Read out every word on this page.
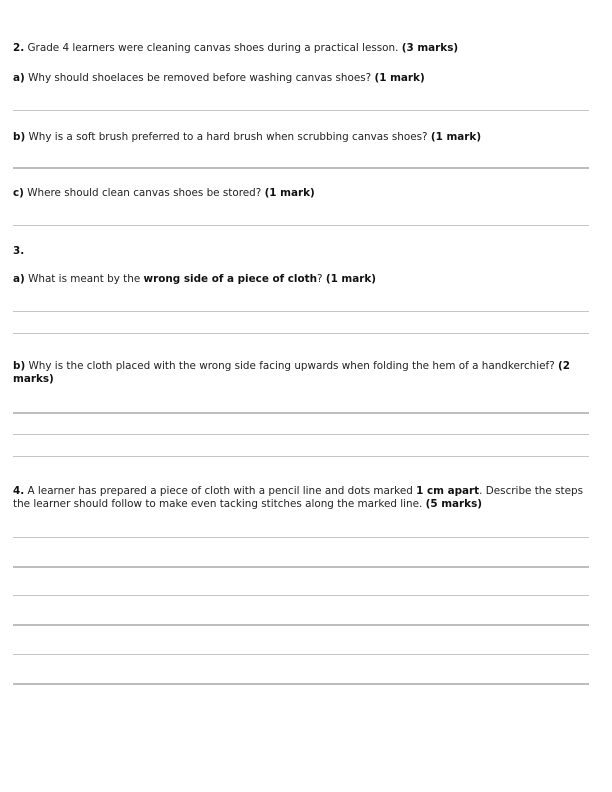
2. Grade 4 learners were cleaning canvas shoes during a practical lesson. (3 marks)

a) Why should shoelaces be removed before washing canvas shoes? (1 mark)

b) Why is a soft brush preferred to a hard brush when scrubbing canvas shoes? (1 mark)

c) Where should clean canvas shoes be stored? (1 mark)

3.

a) What is meant by the wrong side of a piece of cloth? (1 mark)

b) Why is the cloth placed with the wrong side facing upwards when folding the hem of a handkerchief? (2 marks)

4. A learner has prepared a piece of cloth with a pencil line and dots marked 1 cm apart. Describe the steps the learner should follow to make even tacking stitches along the marked line. (5 marks)
